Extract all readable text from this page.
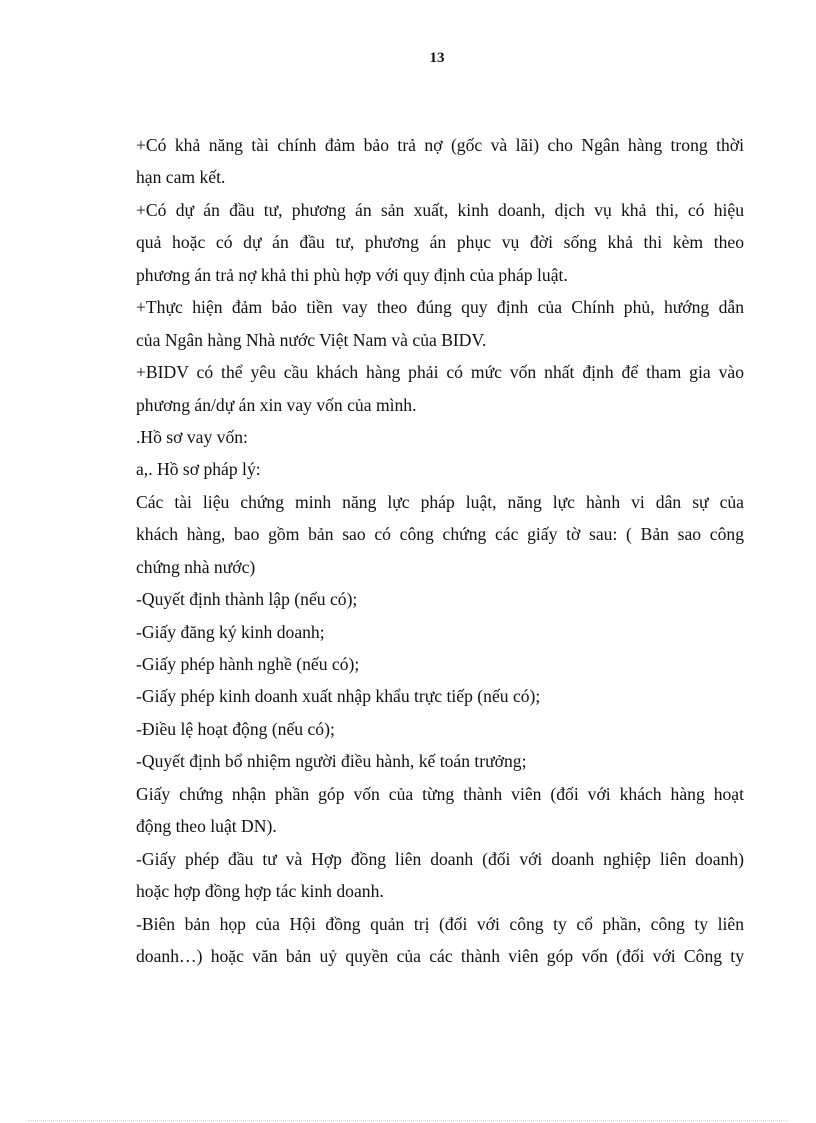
13
+Có khả năng tài chính đảm bảo trả nợ (gốc và lãi) cho Ngân hàng trong thời
hạn cam kết.
+Có dự án đầu tư, phương án sản xuất, kinh doanh, dịch vụ khả thi, có hiệu
quả hoặc có dự án đầu tư, phương án phục vụ đời sống khả thi kèm theo
phương án trả nợ khả thi phù hợp với quy định của pháp luật.
+Thực hiện đảm bảo tiền vay theo đúng quy định của Chính phủ, hướng dẫn
của Ngân hàng Nhà nước Việt Nam và của BIDV.
+BIDV có thể yêu cầu khách hàng phải có mức vốn nhất định để tham gia vào
phương án/dự án xin vay vốn của mình.
.Hồ sơ vay vốn:
a,. Hồ sơ pháp lý:
Các tài liệu chứng minh năng lực pháp luật, năng lực hành vi dân sự của
khách hàng, bao gồm bản sao có công chứng các giấy tờ sau: ( Bản sao công
chứng nhà nước)
-Quyết định thành lập (nếu có);
-Giấy đăng ký kinh doanh;
-Giấy phép hành nghề (nếu có);
-Giấy phép kinh doanh xuất nhập khẩu trực tiếp (nếu có);
-Điều lệ hoạt động (nếu có);
-Quyết định bổ nhiệm người điều hành, kế toán trưởng;
Giấy chứng nhận phần góp vốn của từng thành viên (đối với khách hàng hoạt
động theo luật DN).
-Giấy phép đầu tư và Hợp đồng liên doanh (đối với doanh nghiệp liên doanh)
hoặc hợp đồng hợp tác kinh doanh.
-Biên bản họp của Hội đồng quản trị (đối với công ty cổ phần, công ty liên
doanh…) hoặc văn bản uỷ quyền của các thành viên góp vốn (đối với Công ty
